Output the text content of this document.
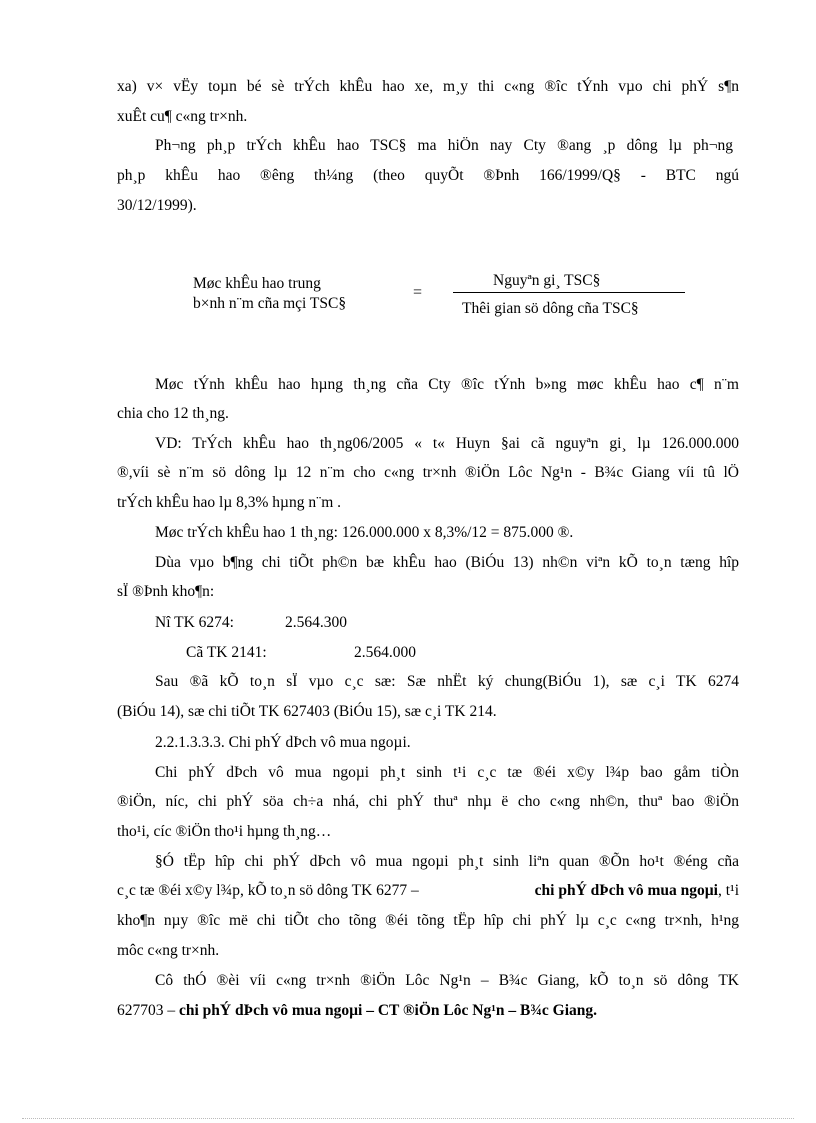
xa) v× vËy toµn bé sè trÝch khÊu hao xe, m¸y thi c«ng ®îc tÝnh vµo chi phÝ s¶n
xuÊt cu¶ c«ng tr×nh.
Ph¬ng ph¸p trÝch khÊu hao TSC§ ma hiÖn nay Cty ®ang ¸p dông lµ ph¬ng
ph¸p khÊu hao ®êng th¼ng (theo quyÕt ®Þnh 166/1999/Q§ - BTC ngú
30/12/1999).
Møc khÊu hao trung
b×nh n¨m cña mçi TSC§
=
Nguyªn gi¸ TSC§
Thêi gian sö dông cña TSC§
Møc tÝnh khÊu hao hµng th¸ng cña Cty ®îc tÝnh b»ng møc khÊu hao c¶ n¨m
chia cho 12 th¸ng.
VD: TrÝch khÊu hao th¸ng06/2005 « t« Huyn §ai cã nguyªn gi¸ lµ 126.000.000
®,víi sè n¨m sö dông lµ 12 n¨m cho c«ng tr×nh ®iÖn Lôc Ng¹n - B¾c Giang víi tû lÖ
trÝch khÊu hao lµ 8,3% hµng n¨m .
Møc trÝch khÊu hao 1 th¸ng: 126.000.000 x 8,3%/12 = 875.000 ®.
Dùa vµo b¶ng chi tiÕt ph©n bæ khÊu hao (BiÓu 13) nh©n viªn kÕ to¸n tæng hîp
sÏ ®Þnh kho¶n:
Nî TK 6274:	2.564.300
Cã TK 2141:	2.564.000
Sau ®ã kÕ to¸n sÏ vµo c¸c sæ: Sæ nhËt ký chung(BiÓu 1), sæ c¸i TK 6274
(BiÓu 14), sæ chi tiÕt TK 627403 (BiÓu 15), sæ c¸i TK 214.
2.2.1.3.3.3. Chi phÝ dÞch vô mua ngoµi.
Chi phÝ dÞch vô mua ngoµi ph¸t sinh t¹i c¸c tæ ®éi x©y l¾p bao gåm tiÒn
®iÖn, níc, chi phÝ söa ch÷a nhá, chi phÝ thuª nhµ ë cho c«ng nh©n, thuª bao ®iÖn
tho¹i, cíc ®iÖn tho¹i hµng th¸ng…
§Ó tËp hîp chi phÝ dÞch vô mua ngoµi ph¸t sinh liªn quan ®Õn ho¹t ®éng cña
c¸c tæ ®éi x©y l¾p, kÕ to¸n sö dông TK 6277 –	chi phÝ dÞch vô mua ngoµi, t¹i
kho¶n nµy ®îc më chi tiÕt cho tõng ®éi tõng tËp hîp chi phÝ lµ c¸c c«ng tr×nh, h¹ng
môc c«ng tr×nh.
Cô thÓ ®èi víi c«ng tr×nh ®iÖn Lôc Ng¹n – B¾c Giang, kÕ to¸n sö dông TK
627703 – chi phÝ dÞch vô mua ngoµi – CT ®iÖn Lôc Ng¹n – B¾c Giang.
